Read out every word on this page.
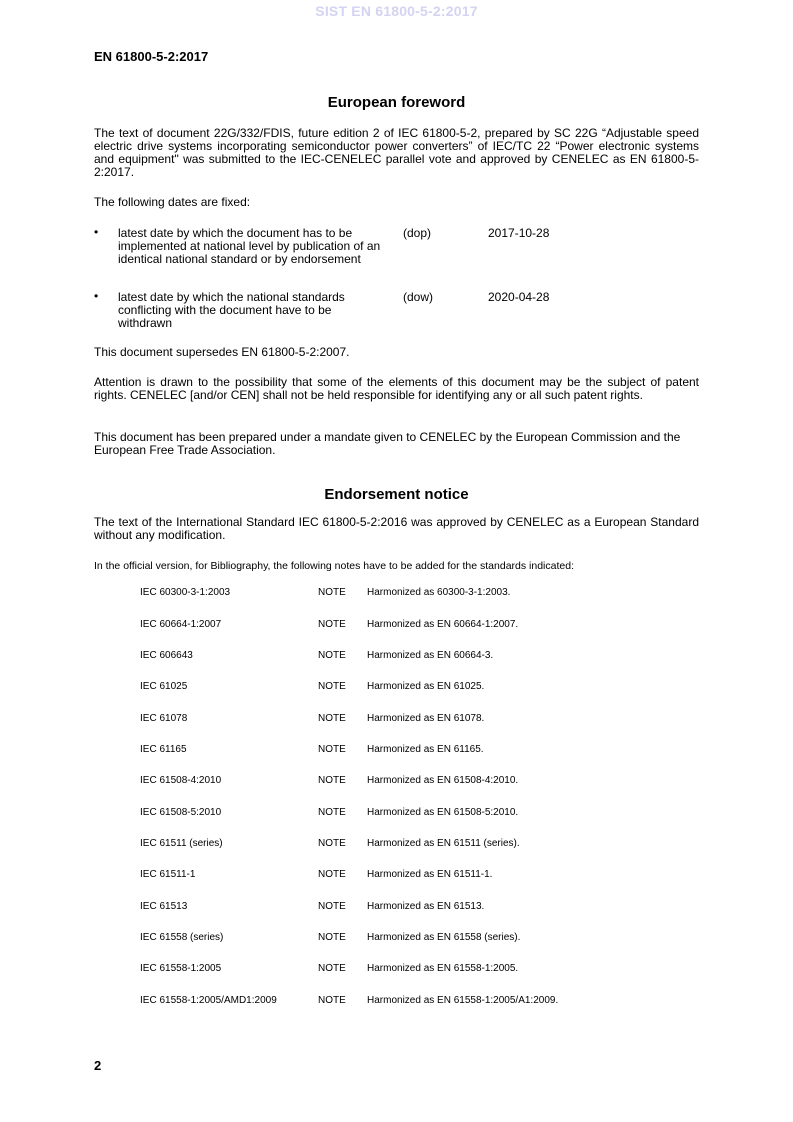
SIST EN 61800-5-2:2017
EN 61800-5-2:2017
European foreword
The text of document 22G/332/FDIS, future edition 2 of IEC 61800-5-2, prepared by SC 22G “Adjustable speed electric drive systems incorporating semiconductor power converters” of IEC/TC 22 “Power electronic systems and equipment" was submitted to the IEC-CENELEC parallel vote and approved by CENELEC as EN 61800-5-2:2017.
The following dates are fixed:
• latest date by which the document has to be implemented at national level by publication of an identical national standard or by endorsement
(dop)	2017-10-28
• latest date by which the national standards conflicting with the document have to be withdrawn
(dow)	2020-04-28
This document supersedes EN 61800-5-2:2007.
Attention is drawn to the possibility that some of the elements of this document may be the subject of patent rights. CENELEC [and/or CEN] shall not be held responsible for identifying any or all such patent rights.
This document has been prepared under a mandate given to CENELEC by the European Commission and the European Free Trade Association.
Endorsement notice
The text of the International Standard IEC 61800-5-2:2016 was approved by CENELEC as a European Standard without any modification.
In the official version, for Bibliography, the following notes have to be added for the standards indicated:
IEC 60300-3-1:2003	NOTE Harmonized as 60300-3-1:2003.
IEC 60664-1:2007	NOTE Harmonized as EN 60664-1:2007.
IEC 606643	NOTE Harmonized as EN 60664-3.
IEC 61025	NOTE Harmonized as EN 61025.
IEC 61078	NOTE Harmonized as EN 61078.
IEC 61165	NOTE Harmonized as EN 61165.
IEC 61508-4:2010	NOTE Harmonized as EN 61508-4:2010.
IEC 61508-5:2010	NOTE Harmonized as EN 61508-5:2010.
IEC 61511 (series)	NOTE Harmonized as EN 61511 (series).
IEC 61511-1	NOTE Harmonized as EN 61511-1.
IEC 61513	NOTE Harmonized as EN 61513.
IEC 61558 (series)	NOTE Harmonized as EN 61558 (series).
IEC 61558-1:2005	NOTE Harmonized as EN 61558-1:2005.
IEC 61558-1:2005/AMD1:2009	NOTE Harmonized as EN 61558-1:2005/A1:2009.
2
